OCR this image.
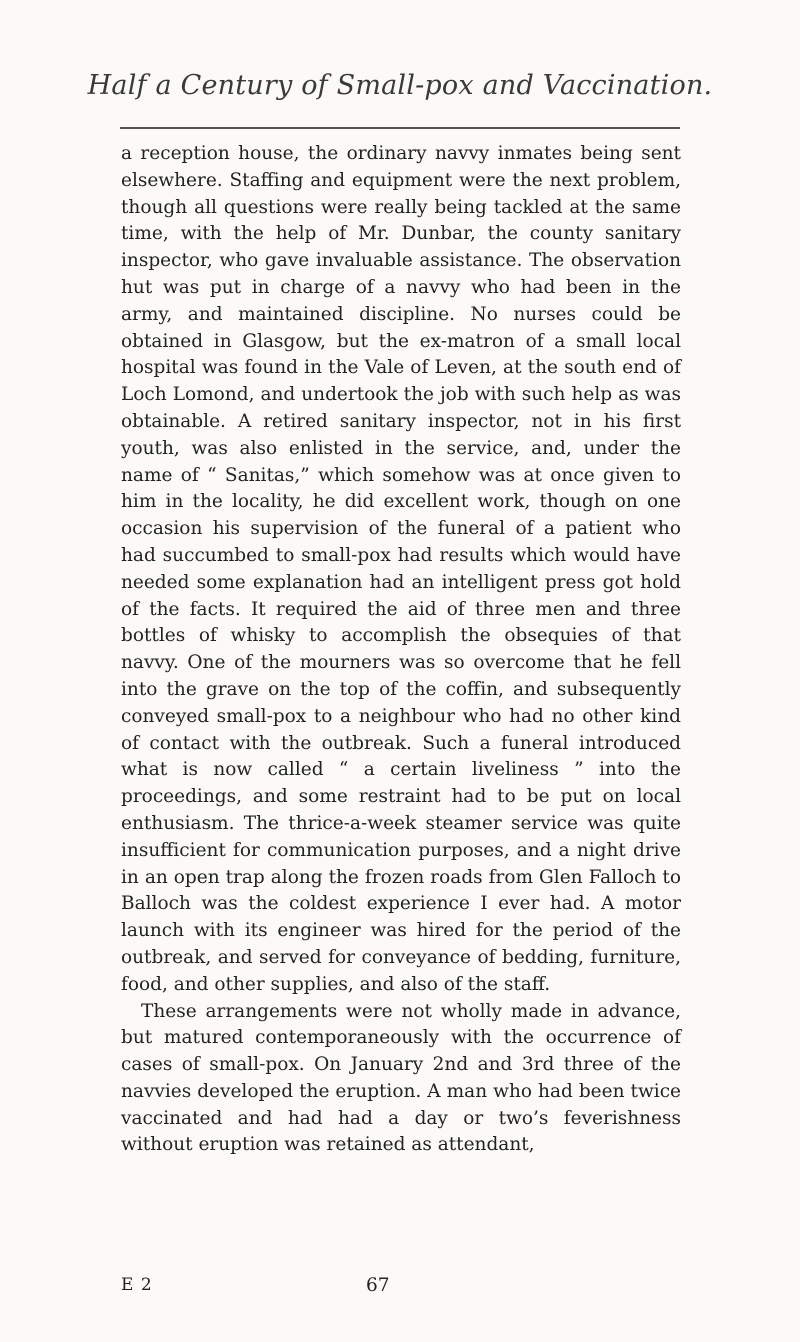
Half a Century of Small-pox and Vaccination.

a reception house, the ordinary navvy inmates being sent elsewhere. Staffing and equipment were the next problem, though all questions were really being tackled at the same time, with the help of Mr. Dunbar, the county sanitary inspector, who gave invaluable assistance. The observation hut was put in charge of a navvy who had been in the army, and maintained discipline. No nurses could be obtained in Glasgow, but the ex-matron of a small local hospital was found in the Vale of Leven, at the south end of Loch Lomond, and undertook the job with such help as was obtainable. A retired sanitary inspector, not in his first youth, was also enlisted in the service, and, under the name of “ Sanitas,” which somehow was at once given to him in the locality, he did excellent work, though on one occasion his supervision of the funeral of a patient who had succumbed to small-pox had results which would have needed some explanation had an intelligent press got hold of the facts. It required the aid of three men and three bottles of whisky to accomplish the obsequies of that navvy. One of the mourners was so overcome that he fell into the grave on the top of the coffin, and subsequently conveyed small-pox to a neighbour who had no other kind of contact with the outbreak. Such a funeral introduced what is now called “ a certain liveliness ” into the proceedings, and some restraint had to be put on local enthusiasm. The thrice-a-week steamer service was quite insufficient for communication purposes, and a night drive in an open trap along the frozen roads from Glen Falloch to Balloch was the coldest experience I ever had. A motor launch with its engineer was hired for the period of the outbreak, and served for conveyance of bedding, furniture, food, and other supplies, and also of the staff.

These arrangements were not wholly made in advance, but matured contemporaneously with the occurrence of cases of small-pox. On January 2nd and 3rd three of the navvies developed the eruption. A man who had been twice vaccinated and had had a day or two’s feverishness without eruption was retained as attendant,

E 2	67
